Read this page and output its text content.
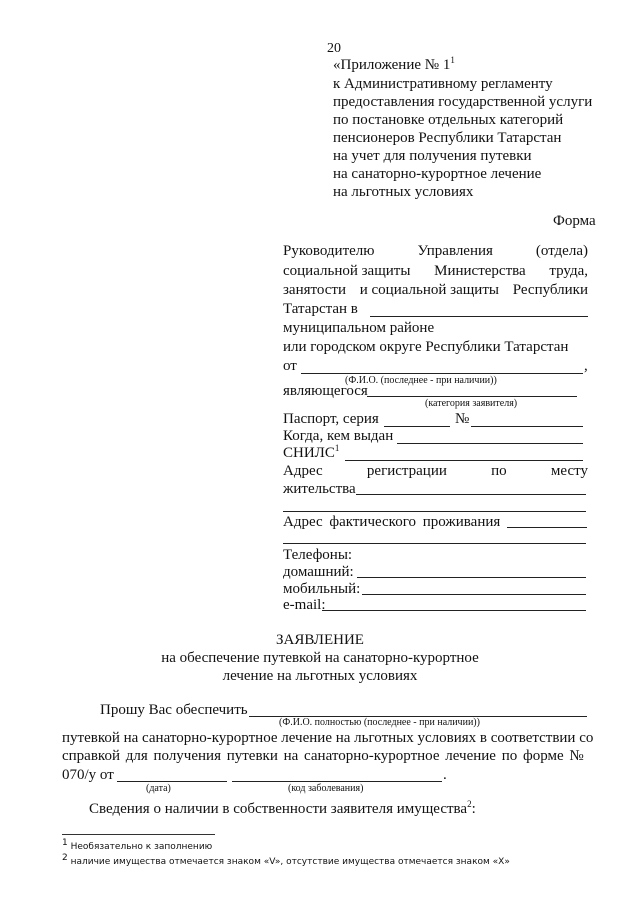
20
«Приложение № $1^1$
к Административному регламенту
предоставления государственной услуги
по постановке отдельных категорий
пенсионеров Республики Татарстан
на учет для получения путевки
на санаторно-курортное лечение
на льготных условиях
Форма
Руководителю	Управления	(отдела)
социальной защиты Министерства труда,
занятости и социальной защиты Республики
Татарстан в
муниципальном районе
или городском округе Республики Татарстан
от	,
(Ф.И.О. (последнее - при наличии))
являющегося
(категория заявителя)
Паспорт, серия	№
Когда, кем выдан
СНИЛС$^1$
Адрес	регистрации	по	месту
жительства
Адрес фактического проживания
Телефоны:
домашний:
мобильный:
e-mail:
ЗАЯВЛЕНИЕ
на обеспечение путевкой на санаторно-курортное
лечение на льготных условиях
Прошу Вас обеспечить
(Ф.И.О. полностью (последнее - при наличии))
путевкой на санаторно-курортное лечение на льготных условиях в соответствии со
справкой для получения путевки на санаторно-курортное лечение по форме №
070/у от	.
(дата)	(код заболевания)
Сведения о наличии в собственности заявителя имущества$^2$:
$^1$ Необязательно к заполнению
$^2$ наличие имущества отмечается знаком «V», отсутствие имущества отмечается знаком «Х»
